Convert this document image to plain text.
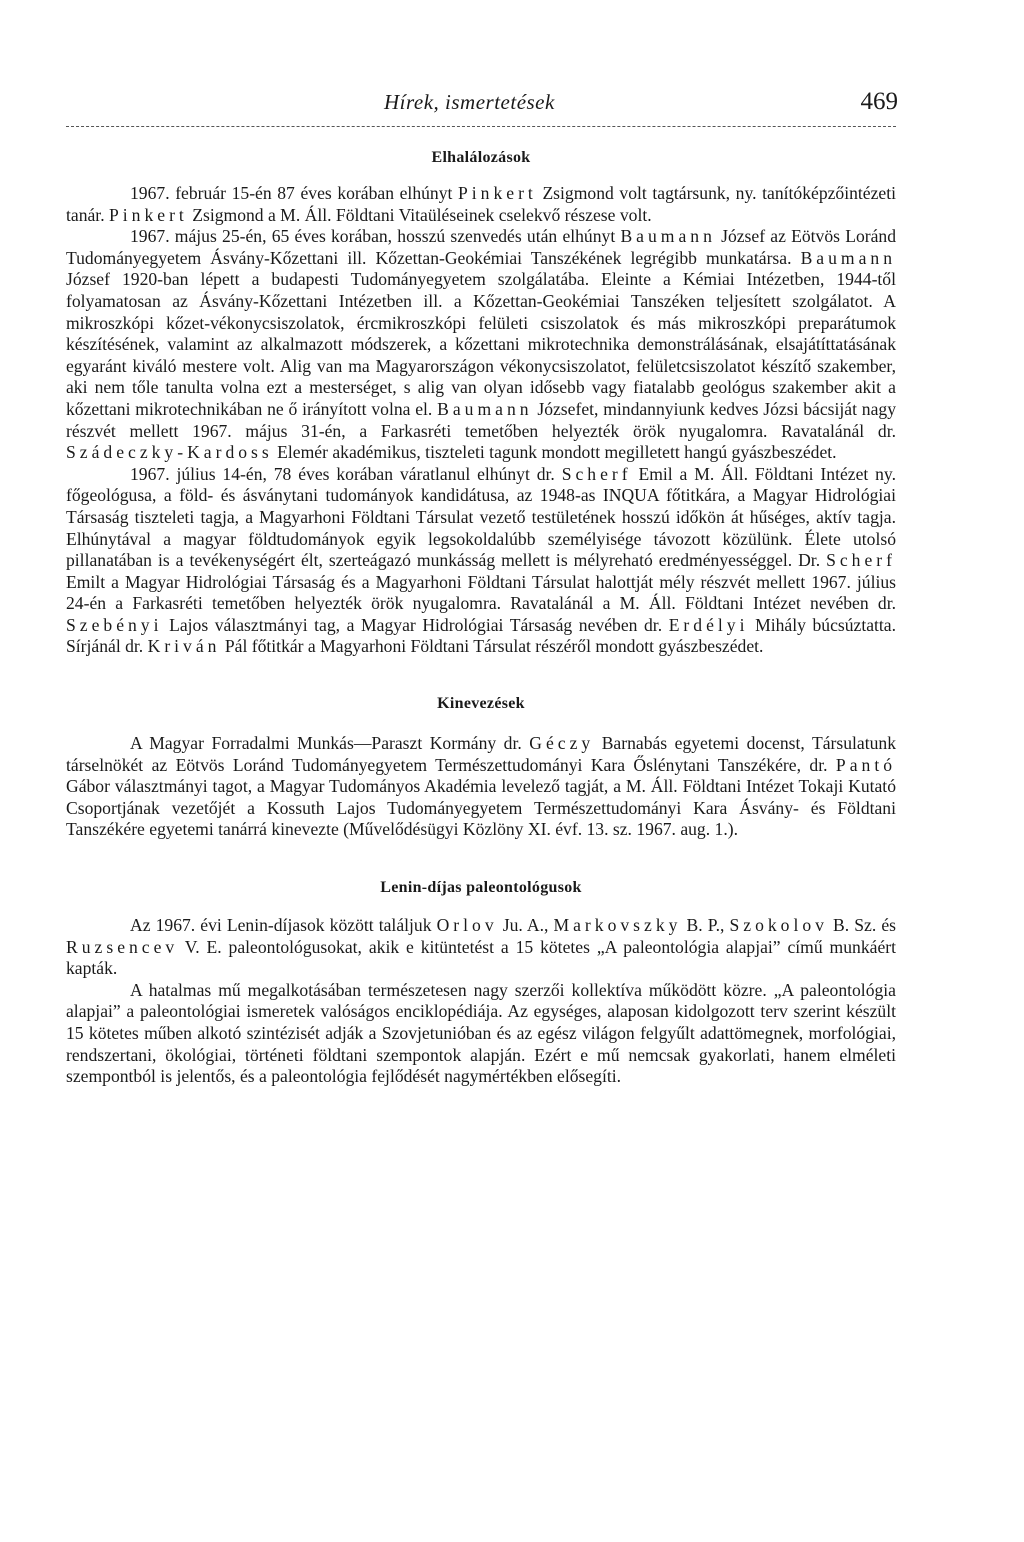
Hírek, ismertetések	469
Elhalálozások

1967. február 15-én 87 éves korában elhúnyt Pinkert Zsigmond volt tagtársunk, ny. tanítóképzőintézeti tanár. Pinkert Zsigmond a M. Áll. Földtani Vitaüléseinek cselekvő részese volt.

1967. május 25-én, 65 éves korában, hosszú szenvedés után elhúnyt Baumann József az Eötvös Loránd Tudományegyetem Ásvány-Kőzettani ill. Kőzettan-Geokémiai Tanszékének legrégibb munkatársa. Baumann József 1920-ban lépett a budapesti Tudományegyetem szolgálatába. Eleinte a Kémiai Intézetben, 1944-től folyamatosan az Ásvány-Kőzettani Intézetben ill. a Kőzettan-Geokémiai Tanszéken teljesített szolgálatot. A mikroszkópi kőzet-vékonycsiszolatok, ércmikroszkópi felületi csiszolatok és más mikroszkópi preparátumok készítésének, valamint az alkalmazott módszerek, a kőzettani mikrotechnika demonstrálásának, elsajátíttatásának egyaránt kiváló mestere volt. Alig van ma Magyarországon vékonycsiszolatot, felületcsiszolatot készítő szakember, aki nem tőle tanulta volna ezt a mesterséget, s alig van olyan idősebb vagy fiatalabb geológus szakember akit a kőzettani mikrotechnikában ne ő irányított volna el. Baumann Józsefet, mindannyiunk kedves Józsi bácsiját nagy részvét mellett 1967. május 31-én, a Farkasréti temetőben helyezték örök nyugalomra. Ravatalánál dr. Szádeczky-Kardoss Elemér akadémikus, tiszteleti tagunk mondott megilletett hangú gyászbeszédet.

1967. július 14-én, 78 éves korában váratlanul elhúnyt dr. Scherf Emil a M. Áll. Földtani Intézet ny. főgeológusa, a föld- és ásványtani tudományok kandidátusa, az 1948-as INQUA főtitkára, a Magyar Hidrológiai Társaság tiszteleti tagja, a Magyarhoni Földtani Társulat vezető testületének hosszú időkön át hűséges, aktív tagja. Elhúnytával a magyar földtudományok egyik legsokoldalúbb személyisége távozott közülünk. Élete utolsó pillanatában is a tevékenységért élt, szerteágazó munkásság mellett is mélyreható eredményességgel. Dr. Scherf Emilt a Magyar Hidrológiai Társaság és a Magyarhoni Földtani Társulat halottját mély részvét mellett 1967. július 24-én a Farkasréti temetőben helyezték örök nyugalomra. Ravatalánál a M. Áll. Földtani Intézet nevében dr. Szebényi Lajos választmányi tag, a Magyar Hidrológiai Társaság nevében dr. Erdélyi Mihály búcsúztatta. Sírjánál dr. Kriván Pál főtitkár a Magyarhoni Földtani Társulat részéről mondott gyászbeszédet.

Kinevezések

A Magyar Forradalmi Munkás—Paraszt Kormány dr. Géczy Barnabás egyetemi docenst, Társulatunk társelnökét az Eötvös Loránd Tudományegyetem Természettudományi Kara Őslénytani Tanszékére, dr. Pantó Gábor választmányi tagot, a Magyar Tudományos Akadémia levelező tagját, a M. Áll. Földtani Intézet Tokaji Kutató Csoportjának vezetőjét a Kossuth Lajos Tudományegyetem Természettudományi Kara Ásvány- és Földtani Tanszékére egyetemi tanárrá kinevezte (Művelődésügyi Közlöny XI. évf. 13. sz. 1967. aug. 1.).

Lenin-díjas paleontológusok

Az 1967. évi Lenin-díjasok között találjuk Orlov Ju. A., Markovszky B. P., Szokolov B. Sz. és Ruzsencev V. E. paleontológusokat, akik e kitüntetést a 15 kötetes „A paleontológia alapjai” című munkáért kapták.

A hatalmas mű megalkotásában természetesen nagy szerzői kollektíva működött közre. „A paleontológia alapjai” a paleontológiai ismeretek valóságos enciklopédiája. Az egységes, alaposan kidolgozott terv szerint készült 15 kötetes műben alkotó szintézisét adják a Szovjetunióban és az egész világon felgyűlt adattömegnek, morfológiai, rendszertani, ökológiai, történeti földtani szempontok alapján. Ezért e mű nemcsak gyakorlati, hanem elméleti szempontból is jelentős, és a paleontológia fejlődését nagymértékben elősegíti.
